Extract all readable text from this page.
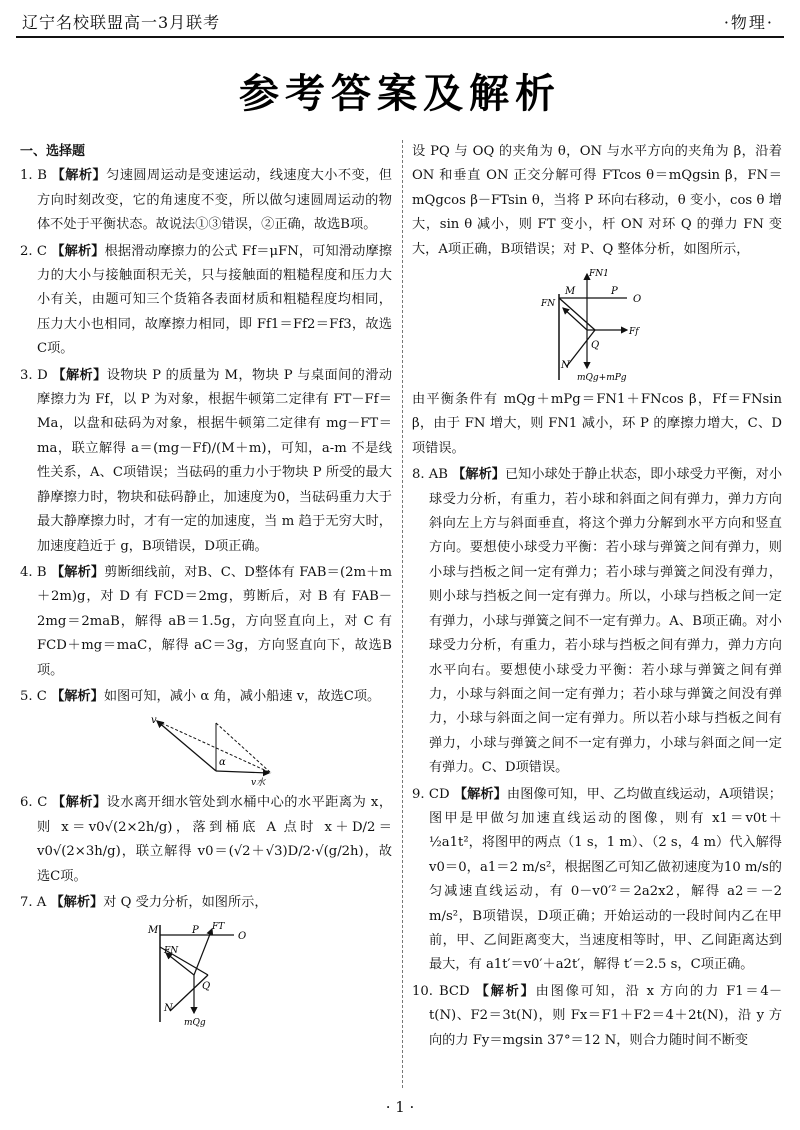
辽宁名校联盟高一3月联考	·物理·
参考答案及解析
一、选择题

1. B 【解析】匀速圆周运动是变速运动，线速度大小不变，但方向时刻改变，它的角速度不变，所以做匀速圆周运动的物体不处于平衡状态。故说法①③错误，②正确，故选B项。

2. C 【解析】根据滑动摩擦力的公式 Ff＝μFN，可知滑动摩擦力的大小与接触面积无关，只与接触面的粗糙程度和压力大小有关，由题可知三个货箱各表面材质和粗糙程度均相同，压力大小也相同，故摩擦力相同，即 Ff1＝Ff2＝Ff3，故选C项。

3. D 【解析】设物块 P 的质量为 M，物块 P 与桌面间的滑动摩擦力为 Ff，以 P 为对象，根据牛顿第二定律有 FT－Ff＝Ma，以盘和砝码为对象，根据牛顿第二定律有 mg－FT＝ma，联立解得 a＝(mg－Ff)/(M＋m)，可知，a-m 不是线性关系，A、C项错误；当砝码的重力小于物块 P 所受的最大静摩擦力时，物块和砝码静止，加速度为0，当砝码重力大于最大静摩擦力时，才有一定的加速度，当 m 趋于无穷大时，加速度趋近于 g，B项错误，D项正确。

4. B 【解析】剪断细线前，对B、C、D整体有 FAB＝(2m＋m＋2m)g，对 D 有 FCD＝2mg，剪断后，对 B 有 FAB－2mg＝2maB，解得 aB＝1.5g，方向竖直向上，对 C 有 FCD＋mg＝maC，解得 aC＝3g，方向竖直向下，故选B项。

5. C 【解析】如图可知，减小 α 角，减小船速 v，故选C项。

v
α
v水

6. C 【解析】设水离开细水管处到水桶中心的水平距离为 x，则 x＝v0√(2×2h/g)，落到桶底 A 点时 x＋D/2＝v0√(2×3h/g)，联立解得 v0＝(√2＋√3)D/2·√(g/2h)，故选C项。

7. A 【解析】对 Q 受力分析，如图所示，

M	P FT
O
FN
Q
N
mQg

设 PQ 与 OQ 的夹角为 θ，ON 与水平方向的夹角为 β，沿着 ON 和垂直 ON 正交分解可得 FTcos θ＝mQgsin β，FN＝mQgcos β－FTsin θ，当将 P 环向右移动，θ 变小，cos θ 增大，sin θ 减小，则 FT 变小，杆 ON 对环 Q 的弹力 FN 变大，A项正确，B项错误；对 P、Q 整体分析，如图所示，

FN1
FN
M	P
O
Ff
Q
N
mQg+mPg

由平衡条件有 mQg＋mPg＝FN1＋FNcos β，Ff＝FNsin β，由于 FN 增大，则 FN1 减小，环 P 的摩擦力增大，C、D项错误。

8. AB 【解析】已知小球处于静止状态，即小球受力平衡，对小球受力分析，有重力，若小球和斜面之间有弹力，弹力方向斜向左上方与斜面垂直，将这个弹力分解到水平方向和竖直方向。要想使小球受力平衡：若小球与弹簧之间有弹力，则小球与挡板之间一定有弹力；若小球与弹簧之间没有弹力，则小球与挡板之间一定有弹力。所以，小球与挡板之间一定有弹力，小球与弹簧之间不一定有弹力。A、B项正确。对小球受力分析，有重力，若小球与挡板之间有弹力，弹力方向水平向右。要想使小球受力平衡：若小球与弹簧之间有弹力，小球与斜面之间一定有弹力；若小球与弹簧之间没有弹力，小球与斜面之间一定有弹力。所以若小球与挡板之间有弹力，小球与弹簧之间不一定有弹力，小球与斜面之间一定有弹力。C、D项错误。

9. CD 【解析】由图像可知，甲、乙均做直线运动，A项错误；图甲是甲做匀加速直线运动的图像，则有 x1＝v0t＋½a1t²，将图甲的两点（1 s，1 m）、（2 s，4 m）代入解得 v0＝0，a1＝2 m/s²，根据图乙可知乙做初速度为10 m/s的匀减速直线运动，有 0－v0′²＝2a2x2，解得 a2＝－2 m/s²，B项错误，D项正确；开始运动的一段时间内乙在甲前，甲、乙间距离变大，当速度相等时，甲、乙间距离达到最大，有 a1t′＝v0′＋a2t′，解得 t′＝2.5 s，C项正确。

10. BCD 【解析】由图像可知，沿 x 方向的力 F1＝4－t(N)、F2＝3t(N)，则 Fx＝F1＋F2＝4＋2t(N)，沿 y 方向的力 Fy＝mgsin 37°＝12 N，则合力随时间不断变

· 1 ·
